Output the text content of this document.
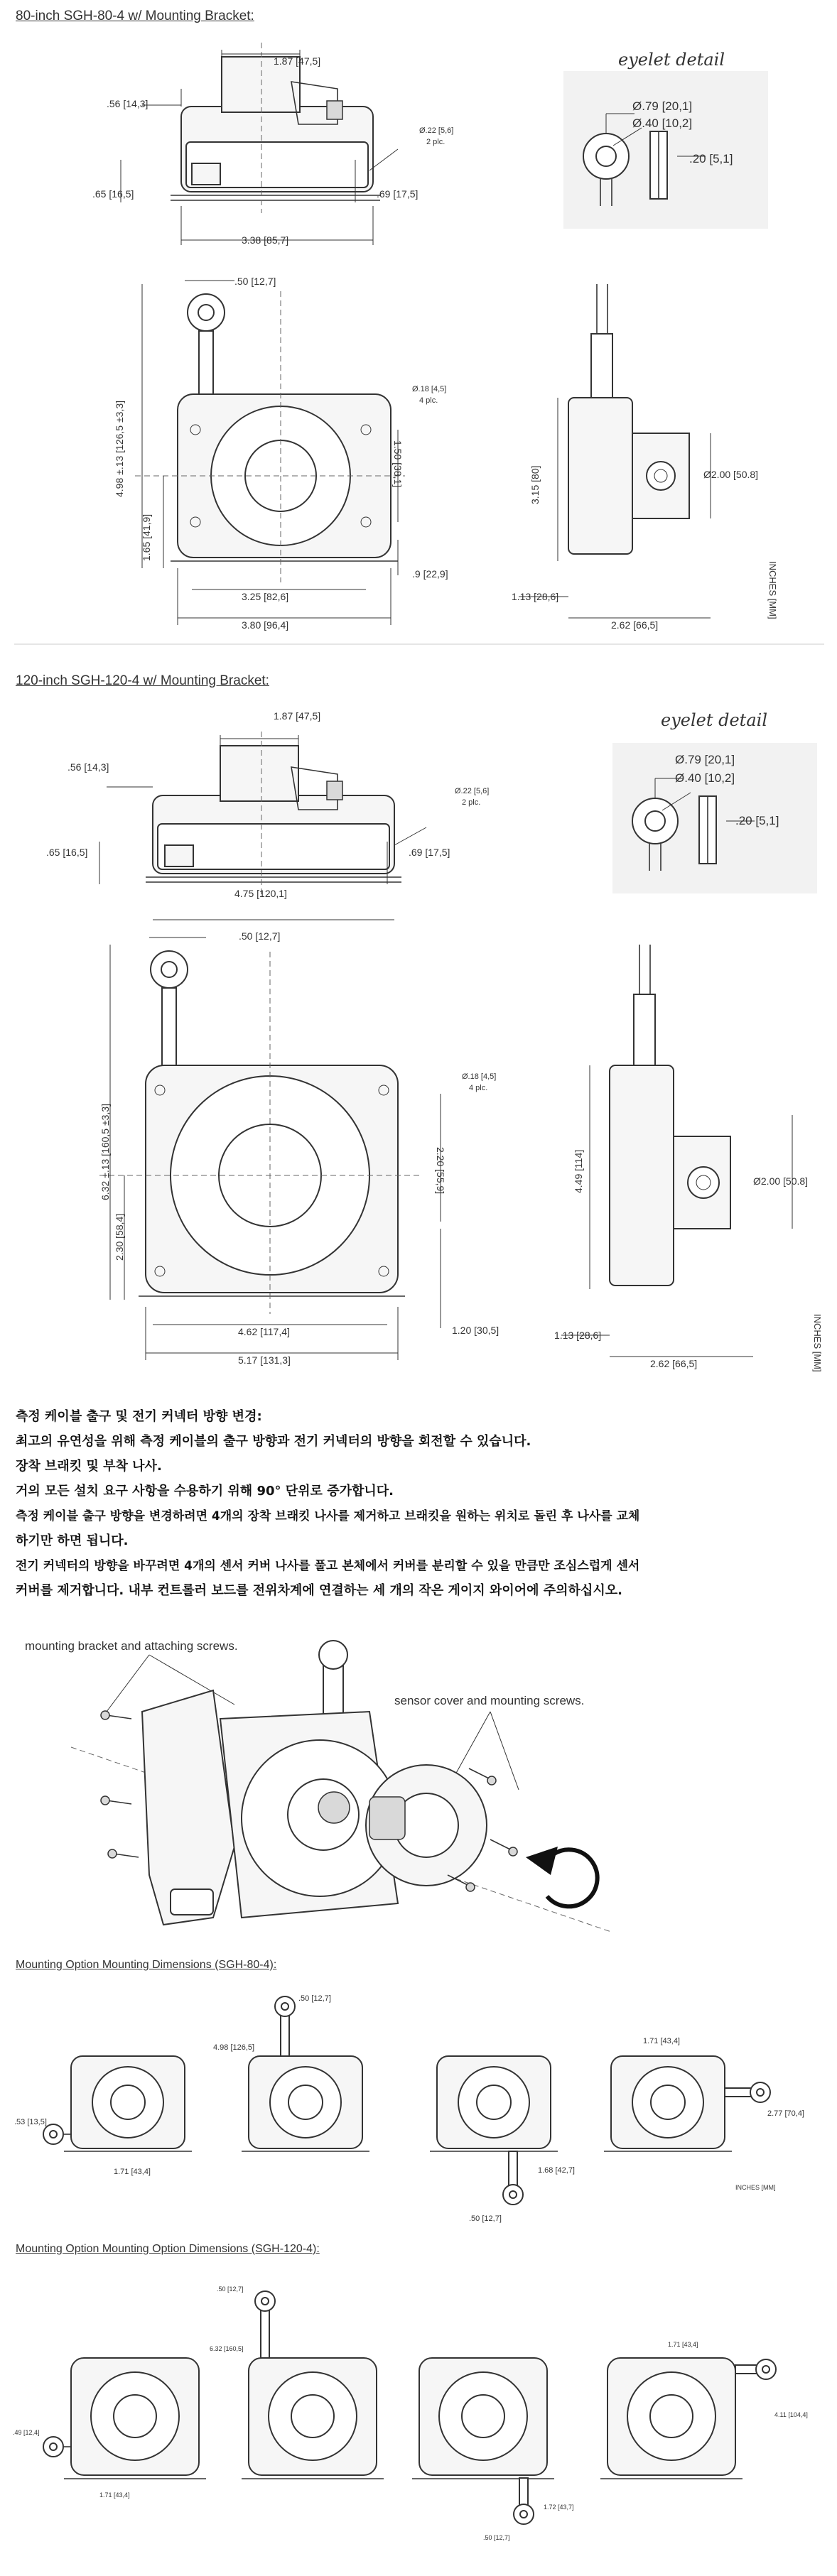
80-inch SGH-80-4 w/ Mounting Bracket:
1.87 [47,5]
.56 [14,3]
Ø.22 [5,6]
2 plc.
.65 [16,5]	.69 [17,5]
3.38 [85,7]
eyelet detail
Ø.79 [20,1]
Ø.40 [10,2]
.20 [5,1]
.50 [12,7]
4.98 ±.13 [126,5 ±3,3]
1.65 [41,9]
Ø.18 [4,5]
4 plc.
1.50 [38,1]
3.25 [82,6]
.9 [22,9]
3.80 [96,4]
3.15 [80]	Ø2.00 [50.8]
1.13 [28,6]
2.62 [66,5]
INCHES [MM]
120-inch SGH-120-4 w/ Mounting Bracket:
1.87 [47,5]
.56 [14,3]
Ø.22 [5,6]
2 plc.
.65 [16,5]	.69 [17,5]
4.75 [120,1]
eyelet detail
Ø.79 [20,1]
Ø.40 [10,2]
.20 [5,1]
.50 [12,7]
6.32 ±.13 [160,5 ±3,3]
2.30 [58,4]
Ø.18 [4,5]
4 plc.
2.20 [55,9]
4.62 [117,4]	1.20 [30,5]
5.17 [131,3]
4.49 [114]	Ø2.00 [50.8]
1.13 [28,6]
2.62 [66,5]	INCHES [MM]
측정 케이블 출구 및 전기 커넥터 방향 변경:
최고의 유연성을 위해 측정 케이블의 출구 방향과 전기 커넥터의 방향을 회전할 수 있습니다.
장착 브래킷 및 부착 나사.
거의 모든 설치 요구 사항을 수용하기 위해 90° 단위로 증가합니다.
측정 케이블 출구 방향을 변경하려면 4개의 장착 브래킷 나사를 제거하고 브래킷을 원하는 위치로 돌린 후 나사를 교체
하기만 하면 됩니다.
전기 커넥터의 방향을 바꾸려면 4개의 센서 커버 나사를 풀고 본체에서 커버를 분리할 수 있을 만큼만 조심스럽게 센서
커버를 제거합니다. 내부 컨트롤러 보드를 전위차계에 연결하는 세 개의 작은 게이지 와이어에 주의하십시오.
mounting bracket and attaching screws.
sensor cover and mounting screws.
Mounting Option Mounting Dimensions (SGH-80-4):
.50 [12,7]
4.98 [126,5]
1.71 [43,4]
2.77 [70,4]
.53 [13,5]
1.71 [43,4]	1.68 [42,7]
.50 [12,7]
INCHES [MM]
Mounting Option Mounting Option Dimensions (SGH-120-4):
.50 [12,7]
6.32 [160,5]
1.71 [43,4]
4.11 [104,4]
.49 [12,4]
1.71 [43,4]
1.72 [43,7]
.50 [12,7]
